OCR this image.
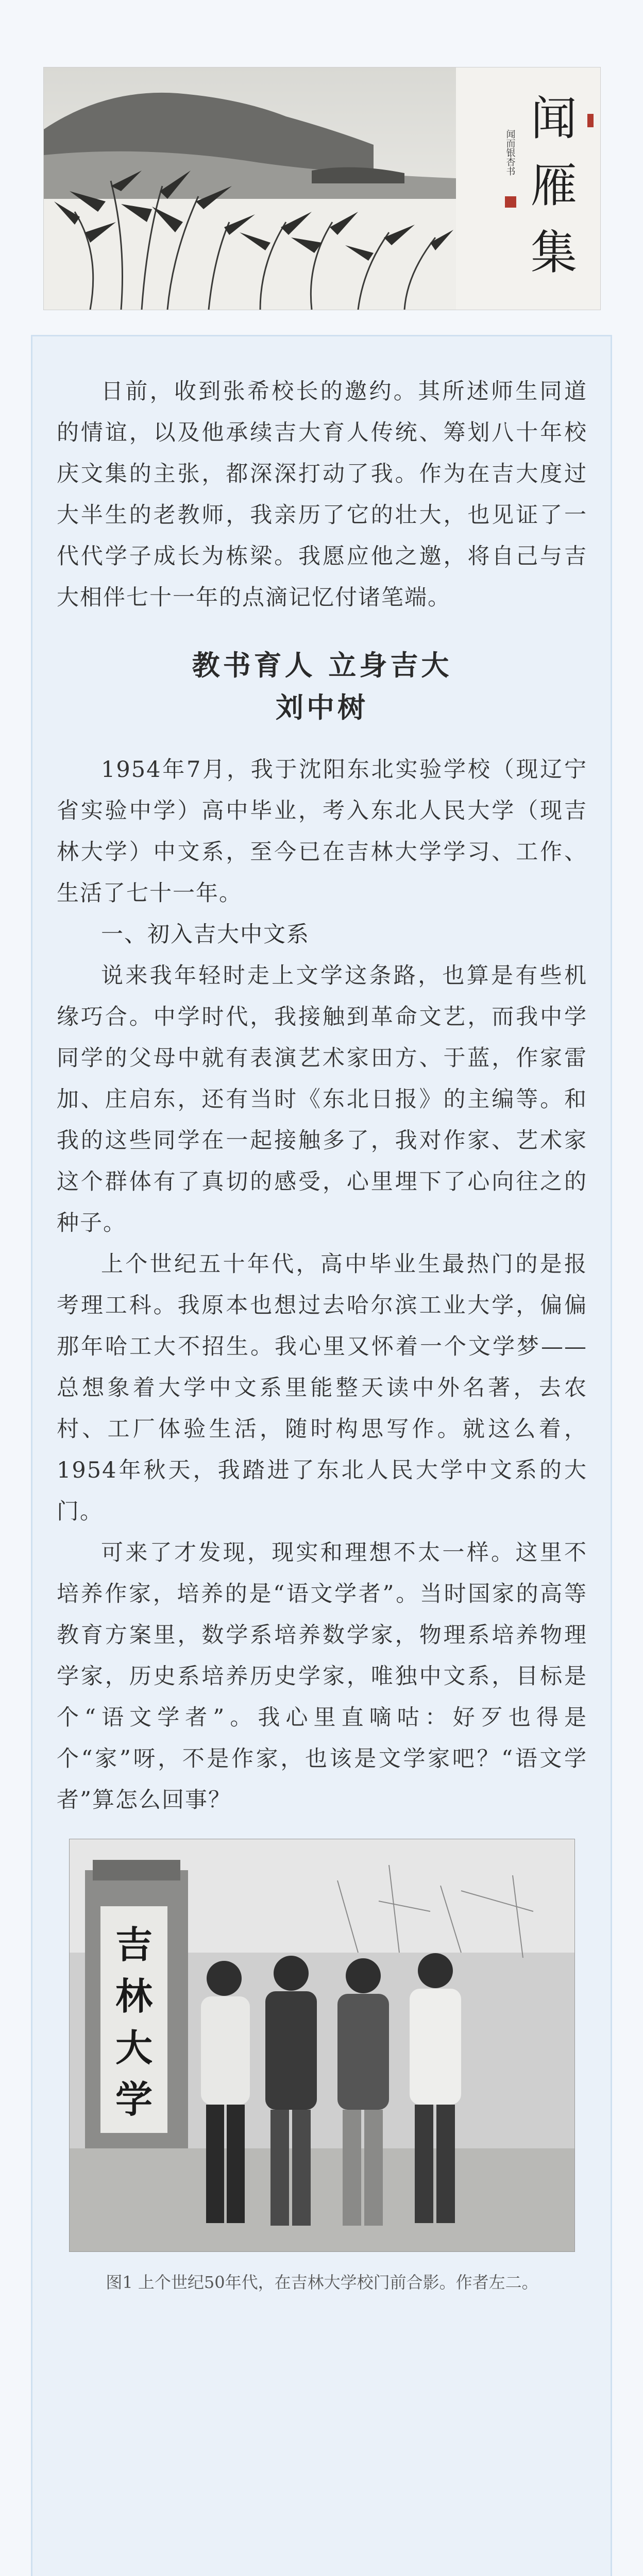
闻
雁
集
闻而银杏书

日前，收到张希校长的邀约。其所述师生同道的情谊，以及他承续吉大育人传统、筹划八十年校庆文集的主张，都深深打动了我。作为在吉大度过大半生的老教师，我亲历了它的壮大，也见证了一代代学子成长为栋梁。我愿应他之邀，将自己与吉大相伴七十一年的点滴记忆付诸笔端。

教书育人 立身吉大
刘中树

1954年7月，我于沈阳东北实验学校（现辽宁省实验中学）高中毕业，考入东北人民大学（现吉林大学）中文系，至今已在吉林大学学习、工作、生活了七十一年。

一、初入吉大中文系

说来我年轻时走上文学这条路，也算是有些机缘巧合。中学时代，我接触到革命文艺，而我中学同学的父母中就有表演艺术家田方、于蓝，作家雷加、庄启东，还有当时《东北日报》的主编等。和我的这些同学在一起接触多了，我对作家、艺术家这个群体有了真切的感受，心里埋下了心向往之的种子。

上个世纪五十年代，高中毕业生最热门的是报考理工科。我原本也想过去哈尔滨工业大学，偏偏那年哈工大不招生。我心里又怀着一个文学梦——总想象着大学中文系里能整天读中外名著，去农村、工厂体验生活，随时构思写作。就这么着，1954年秋天，我踏进了东北人民大学中文系的大门。

可来了才发现，现实和理想不太一样。这里不培养作家，培养的是“语文学者”。当时国家的高等教育方案里，数学系培养数学家，物理系培养物理学家，历史系培养历史学家，唯独中文系，目标是个“语文学者”。我心里直嘀咕：好歹也得是个“家”呀，不是作家，也该是文学家吧？“语文学者”算怎么回事？

吉
林
大
学

图1 上个世纪50年代，在吉林大学校门前合影。作者左二。
